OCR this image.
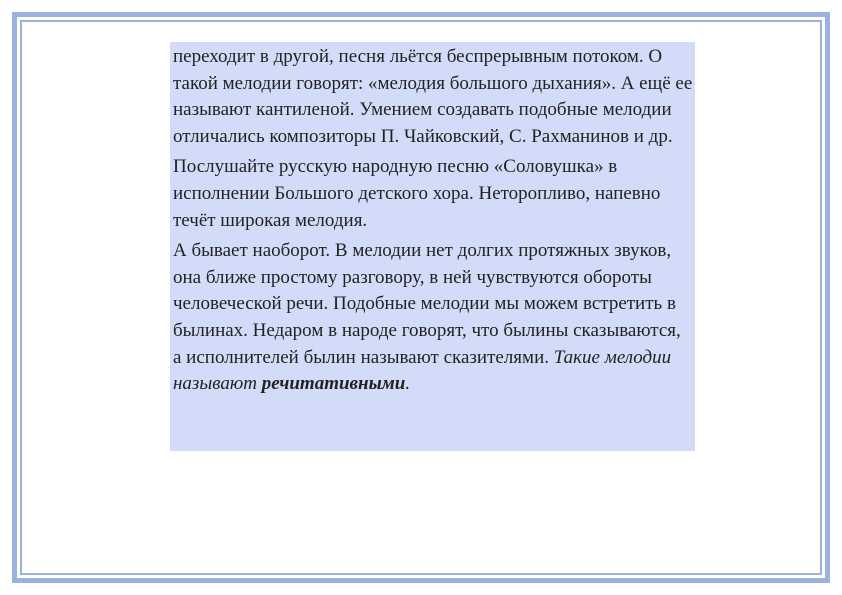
переходит в другой, песня льётся беспрерывным потоком. О такой мелодии говорят: «мелодия большого дыхания». А ещё ее называют кантиленой. Умением создавать подобные мелодии отличались композиторы П. Чайковский, С. Рахманинов и др.

Послушайте русскую народную песню «Соловушка» в исполнении Большого детского хора. Неторопливо, напевно течёт широкая мелодия.

А бывает наоборот. В мелодии нет долгих протяжных звуков, она ближе простому разговору, в ней чувствуются обороты человеческой речи. Подобные мелодии мы можем встретить в былинах. Недаром в народе говорят, что былины сказываются, а исполнителей былин называют сказителями. Такие мелодии называют речитативными.
